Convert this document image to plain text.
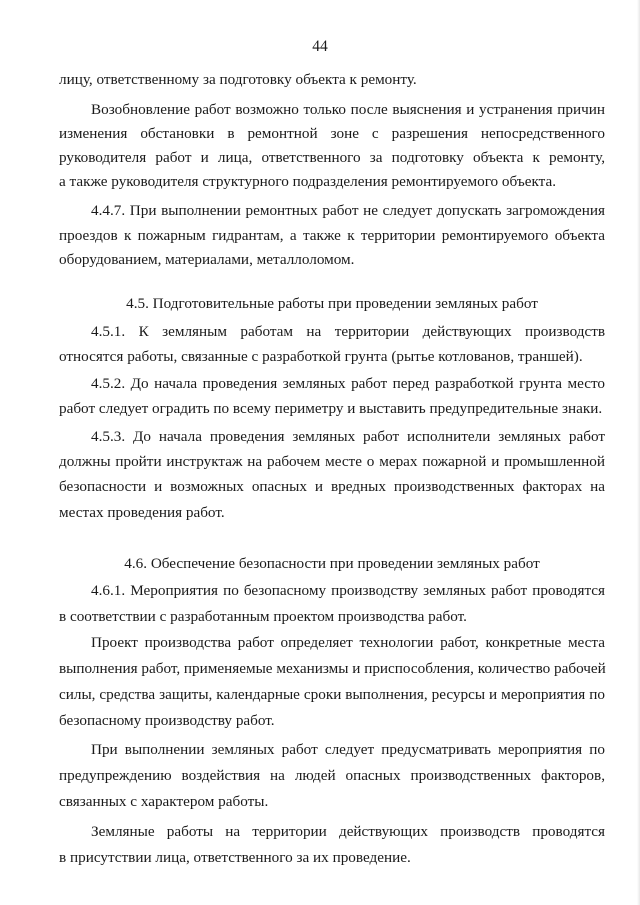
44
лицу, ответственному за подготовку объекта к ремонту.
Возобновление работ возможно только после выяснения и устранения причин
изменения обстановки в ремонтной зоне с разрешения непосредственного
руководителя работ и лица, ответственного за подготовку объекта к ремонту,
а также руководителя структурного подразделения ремонтируемого объекта.
4.4.7. При выполнении ремонтных работ не следует допускать загромождения
проездов к пожарным гидрантам, а также к территории ремонтируемого объекта
оборудованием, материалами, металлоломом.
4.5. Подготовительные работы при проведении земляных работ
4.5.1. К земляным работам на территории действующих производств
относятся работы, связанные с разработкой грунта (рытье котлованов, траншей).
4.5.2. До начала проведения земляных работ перед разработкой грунта место
работ следует оградить по всему периметру и выставить предупредительные знаки.
4.5.3. До начала проведения земляных работ исполнители земляных работ
должны пройти инструктаж на рабочем месте о мерах пожарной и промышленной
безопасности и возможных опасных и вредных производственных факторах на
местах проведения работ.
4.6. Обеспечение безопасности при проведении земляных работ
4.6.1. Мероприятия по безопасному производству земляных работ проводятся
в соответствии с разработанным проектом производства работ.
Проект производства работ определяет технологии работ, конкретные места
выполнения работ, применяемые механизмы и приспособления, количество рабочей
силы, средства защиты, календарные сроки выполнения, ресурсы и мероприятия по
безопасному производству работ.
При выполнении земляных работ следует предусматривать мероприятия по
предупреждению воздействия на людей опасных производственных факторов,
связанных с характером работы.
Земляные работы на территории действующих производств проводятся
в присутствии лица, ответственного за их проведение.
